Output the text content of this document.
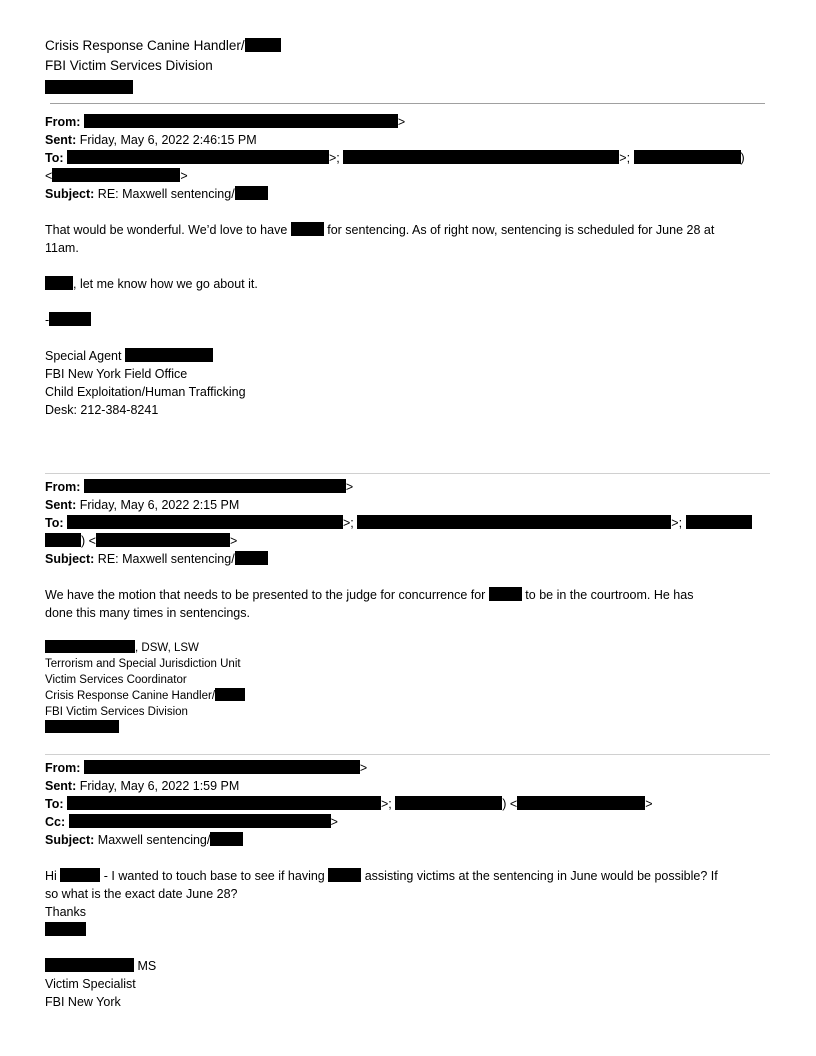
Crisis Response Canine Handler/
FBI Victim Services Division
From:	>
Sent: Friday, May 6, 2022 2:46:15 PM
To:	>;	>;	)
<	>
Subject: RE: Maxwell sentencing/
That would be wonderful. We’d love to have	for sentencing. As of right now, sentencing is scheduled for June 28 at
11am.
, let me know how we go about it.
-
Special Agent
FBI New York Field Office
Child Exploitation/Human Trafficking
Desk: 212-384-8241
From:	>
Sent: Friday, May 6, 2022 2:15 PM
To:	>;	>;
) <	>
Subject: RE: Maxwell sentencing/
We have the motion that needs to be presented to the judge for concurrence for	to be in the courtroom. He has
done this many times in sentencings.
, DSW, LSW
Terrorism and Special Jurisdiction Unit
Victim Services Coordinator
Crisis Response Canine Handler/
FBI Victim Services Division
From:	>
Sent: Friday, May 6, 2022 1:59 PM
To:	>;	) <	>
Cc:	>
Subject: Maxwell sentencing/
Hi	- I wanted to touch base to see if having	assisting victims at the sentencing in June would be possible? If
so what is the exact date June 28?
Thanks
MS
Victim Specialist
FBI New York
